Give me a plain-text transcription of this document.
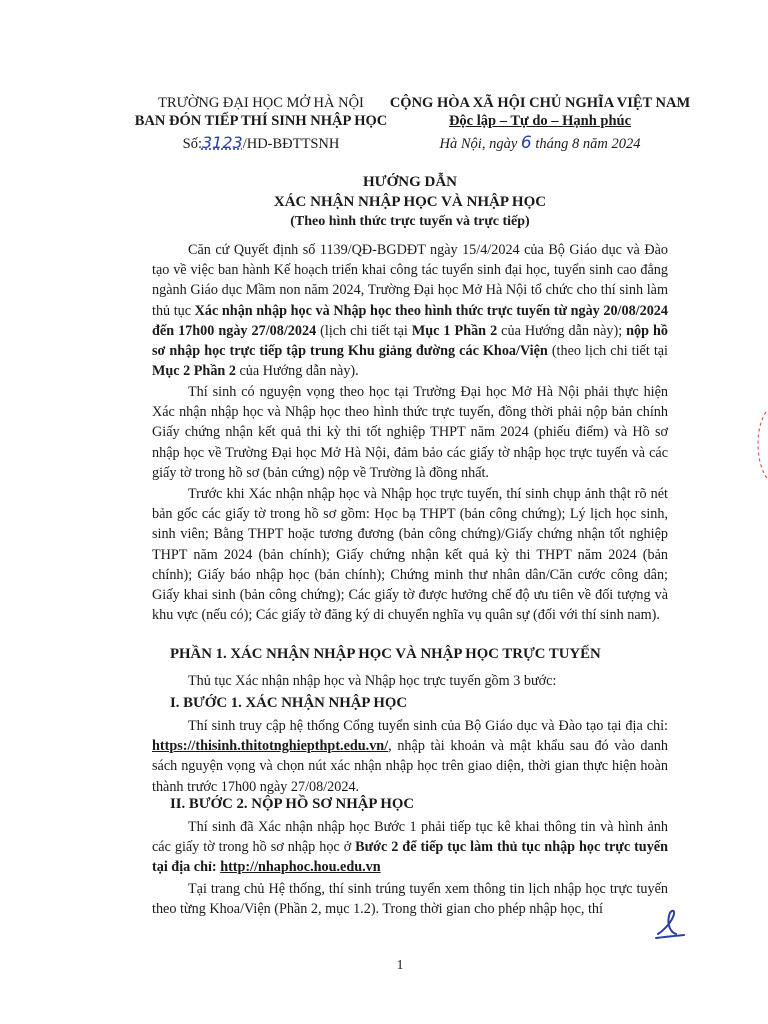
TRƯỜNG ĐẠI HỌC MỞ HÀ NỘI
BAN ĐÓN TIẾP THÍ SINH NHẬP HỌC
Số:3123/HD-BĐTTSNH
CỘNG HÒA XÃ HỘI CHỦ NGHĨA VIỆT NAM
Độc lập – Tự do – Hạnh phúc
Hà Nội, ngày 6 tháng 8 năm 2024
HƯỚNG DẪN
XÁC NHẬN NHẬP HỌC VÀ NHẬP HỌC
(Theo hình thức trực tuyến và trực tiếp)
Căn cứ Quyết định số 1139/QĐ-BGDĐT ngày 15/4/2024 của Bộ Giáo dục và Đào tạo về việc ban hành Kế hoạch triển khai công tác tuyển sinh đại học, tuyển sinh cao đẳng ngành Giáo dục Mầm non năm 2024, Trường Đại học Mở Hà Nội tổ chức cho thí sinh làm thủ tục Xác nhận nhập học và Nhập học theo hình thức trực tuyến từ ngày 20/08/2024 đến 17h00 ngày 27/08/2024 (lịch chi tiết tại Mục 1 Phần 2 của Hướng dẫn này); nộp hồ sơ nhập học trực tiếp tập trung Khu giảng đường các Khoa/Viện (theo lịch chi tiết tại Mục 2 Phần 2 của Hướng dẫn này).
Thí sinh có nguyện vọng theo học tại Trường Đại học Mở Hà Nội phải thực hiện Xác nhận nhập học và Nhập học theo hình thức trực tuyến, đồng thời phải nộp bản chính Giấy chứng nhận kết quả thi kỳ thi tốt nghiệp THPT năm 2024 (phiếu điểm) và Hồ sơ nhập học về Trường Đại học Mở Hà Nội, đảm bảo các giấy tờ nhập học trực tuyến và các giấy tờ trong hồ sơ (bản cứng) nộp về Trường là đồng nhất.
Trước khi Xác nhận nhập học và Nhập học trực tuyến, thí sinh chụp ảnh thật rõ nét bản gốc các giấy tờ trong hồ sơ gồm: Học bạ THPT (bản công chứng); Lý lịch học sinh, sinh viên; Bằng THPT hoặc tương đương (bản công chứng)/Giấy chứng nhận tốt nghiệp THPT năm 2024 (bản chính); Giấy chứng nhận kết quả kỳ thi THPT năm 2024 (bản chính); Giấy báo nhập học (bản chính); Chứng minh thư nhân dân/Căn cước công dân; Giấy khai sinh (bản công chứng); Các giấy tờ được hưởng chế độ ưu tiên về đối tượng và khu vực (nếu có); Các giấy tờ đăng ký di chuyển nghĩa vụ quân sự (đối với thí sinh nam).
PHẦN 1. XÁC NHẬN NHẬP HỌC VÀ NHẬP HỌC TRỰC TUYẾN
Thủ tục Xác nhận nhập học và Nhập học trực tuyến gồm 3 bước:
I. BƯỚC 1. XÁC NHẬN NHẬP HỌC
Thí sinh truy cập hệ thống Cổng tuyển sinh của Bộ Giáo dục và Đào tạo tại địa chỉ: https://thisinh.thitotnghiepthpt.edu.vn/, nhập tài khoản và mật khẩu sau đó vào danh sách nguyện vọng và chọn nút xác nhận nhập học trên giao diện, thời gian thực hiện hoàn thành trước 17h00 ngày 27/08/2024.
II. BƯỚC 2. NỘP HỒ SƠ NHẬP HỌC
Thí sinh đã Xác nhận nhập học Bước 1 phải tiếp tục kê khai thông tin và hình ảnh các giấy tờ trong hồ sơ nhập học ở Bước 2 để tiếp tục làm thủ tục nhập học trực tuyến tại địa chỉ: http://nhaphoc.hou.edu.vn
Tại trang chủ Hệ thống, thí sinh trúng tuyển xem thông tin lịch nhập học trực tuyến theo từng Khoa/Viện (Phần 2, mục 1.2). Trong thời gian cho phép nhập học, thí
1
